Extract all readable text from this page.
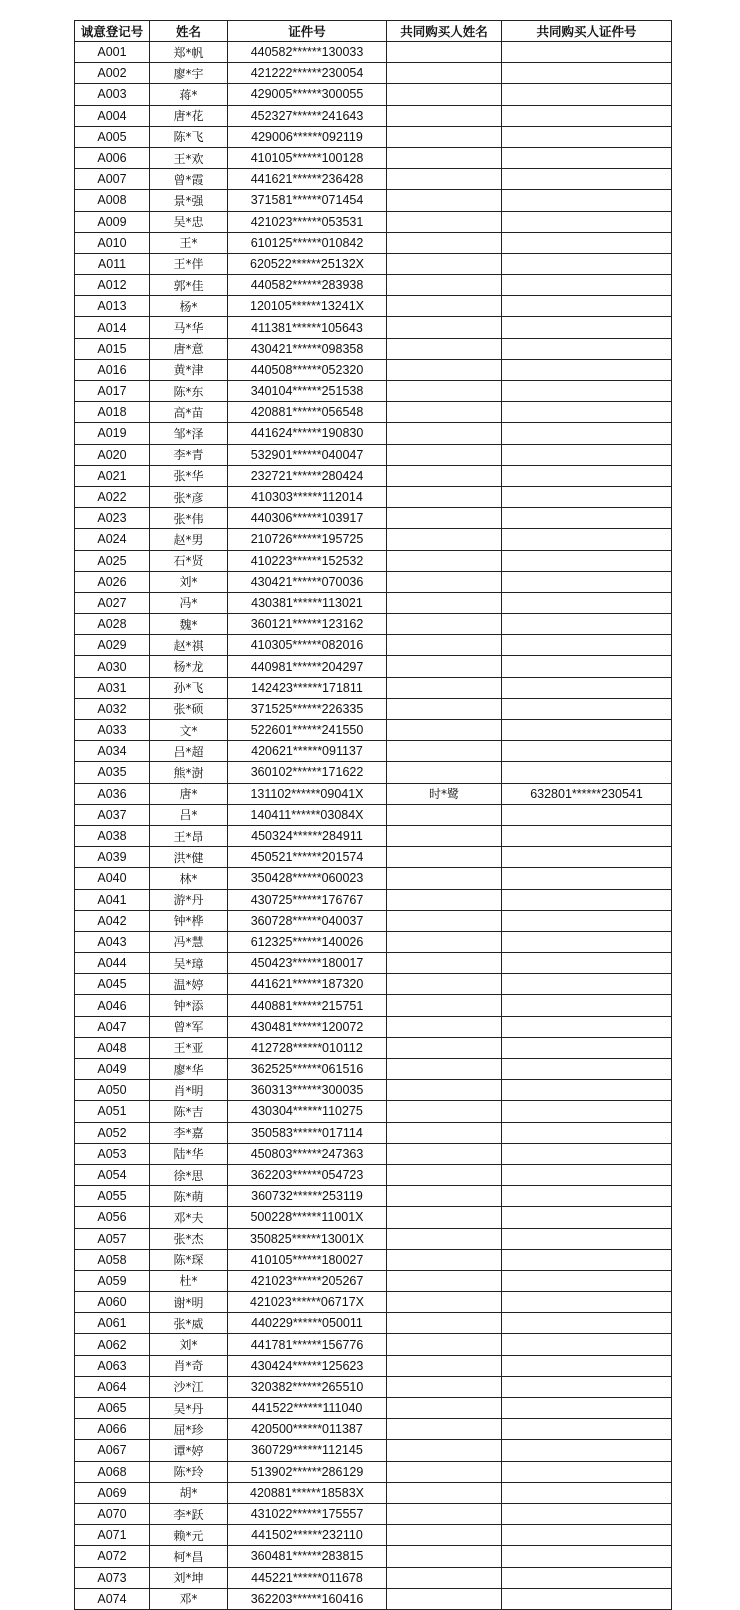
诚意登记号	姓名	证件号	共同购买人姓名	共同购买人证件号
A001	郑*帆	440582******130033		
A002	廖*宇	421222******230054		
A003	蒋*	429005******300055		
A004	唐*花	452327******241643		
A005	陈*飞	429006******092119		
A006	王*欢	410105******100128		
A007	曾*霞	441621******236428		
A008	景*强	371581******071454		
A009	吴*忠	421023******053531		
A010	王*	610125******010842		
A011	王*伴	620522******25132X		
A012	郭*佳	440582******283938		
A013	杨*	120105******13241X		
A014	马*华	411381******105643		
A015	唐*意	430421******098358		
A016	黄*津	440508******052320		
A017	陈*东	340104******251538		
A018	高*苗	420881******056548		
A019	邹*泽	441624******190830		
A020	李*青	532901******040047		
A021	张*华	232721******280424		
A022	张*彦	410303******112014		
A023	张*伟	440306******103917		
A024	赵*男	210726******195725		
A025	石*贤	410223******152532		
A026	刘*	430421******070036		
A027	冯*	430381******113021		
A028	魏*	360121******123162		
A029	赵*祺	410305******082016		
A030	杨*龙	440981******204297		
A031	孙*飞	142423******171811		
A032	张*硕	371525******226335		
A033	文*	522601******241550		
A034	吕*超	420621******091137		
A035	熊*澍	360102******171622		
A036	唐*	131102******09041X	时*鹭	632801******230541
A037	吕*	140411******03084X		
A038	王*昂	450324******284911		
A039	洪*健	450521******201574		
A040	林*	350428******060023		
A041	游*丹	430725******176767		
A042	钟*桦	360728******040037		
A043	冯*慧	612325******140026		
A044	吴*璋	450423******180017		
A045	温*婷	441621******187320		
A046	钟*添	440881******215751		
A047	曾*军	430481******120072		
A048	王*亚	412728******010112		
A049	廖*华	362525******061516		
A050	肖*明	360313******300035		
A051	陈*吉	430304******110275		
A052	李*嘉	350583******017114		
A053	陆*华	450803******247363		
A054	徐*思	362203******054723		
A055	陈*萌	360732******253119		
A056	邓*夫	500228******11001X		
A057	张*杰	350825******13001X		
A058	陈*琛	410105******180027		
A059	杜*	421023******205267		
A060	谢*明	421023******06717X		
A061	张*威	440229******050011		
A062	刘*	441781******156776		
A063	肖*奇	430424******125623		
A064	沙*江	320382******265510		
A065	吴*丹	441522******111040		
A066	屈*珍	420500******011387		
A067	谭*婷	360729******112145		
A068	陈*玲	513902******286129		
A069	胡*	420881******18583X		
A070	李*跃	431022******175557		
A071	赖*元	441502******232110		
A072	柯*昌	360481******283815		
A073	刘*坤	445221******011678		
A074	邓*	362203******160416		
